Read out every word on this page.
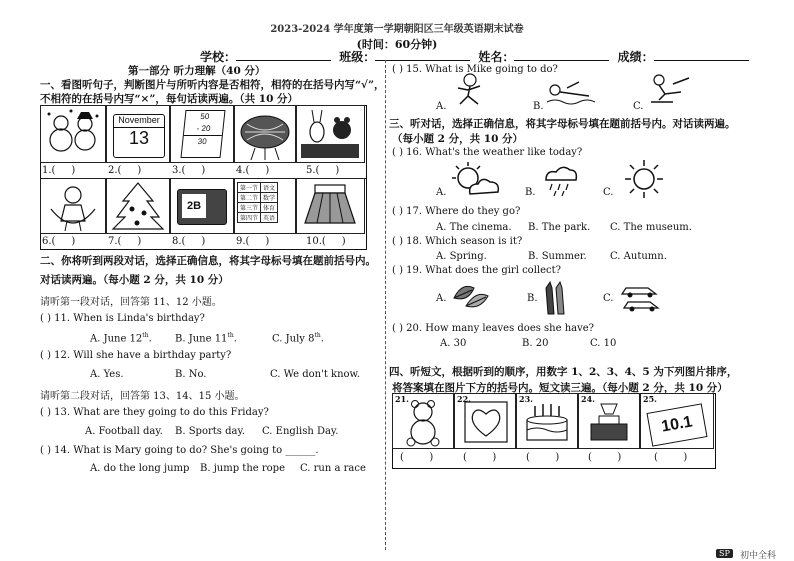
2023-2024 学年度第一学期朝阳区三年级英语期末试卷
(时间：60分钟)
学校：	班级：	姓名：	成绩：
第一部分 听力理解（40 分）
一、看图听句子，判断图片与所听内容是否相符，相符的在括号内写“√”，
不相符的在括号内写“×”，每句话读两遍。（共 10 分）
November
13
50
- 20
30
1.(     )	2.(     )	3.(     )	4.(     )	5.(     )
2B
第一节	语文
第二节	数学
第三节	体育
第四节	英语
6.(     )	7.(     )	8.(     )	9.(     )	10.(     )
二、你将听到两段对话，选择正确信息，将其字母标号填在题前括号内。
对话读两遍。（每小题 2 分，共 10 分）
请听第一段对话，回答第 11、12 小题。
( ) 11. When is Linda's birthday?
A. June 12th. B. June 11th.	C. July 8th.
( ) 12. Will she have a birthday party?
A. Yes.	B. No.	C. We don't know.
请听第二段对话，回答第 13、14、15 小题。
( ) 13. What are they going to do this Friday?
A. Football day. B. Sports day. C. English Day.
( ) 14. What is Mary going to do? She's going to ______.
A. do the long jump B. jump the rope C. run a race
( ) 15. What is Mike going to do?
A.	B.	C.
三、听对话，选择正确信息，将其字母标号填在题前括号内。对话读两遍。
（每小题 2 分，共 10 分）
( ) 16. What's the weather like today?
A.	B.	C.
( ) 17. Where do they go?
A. The cinema. B. The park. C. The museum.
( ) 18. Which season is it?
A. Spring.	B. Summer. C. Autumn.
( ) 19. What does the girl collect?
A.	B.	C.
( ) 20. How many leaves does she have?
A. 30	B. 20	C. 10
四、听短文，根据听到的顺序，用数字 1、2、3、4、5 为下列图片排序，
将答案填在图片下方的括号内。短文读三遍。（每小题 2 分，共 10 分）
21.	22.	23.	24.	25.
10.1
(        )	(        )	(        )	(        )	(        )
SP	初中全科
